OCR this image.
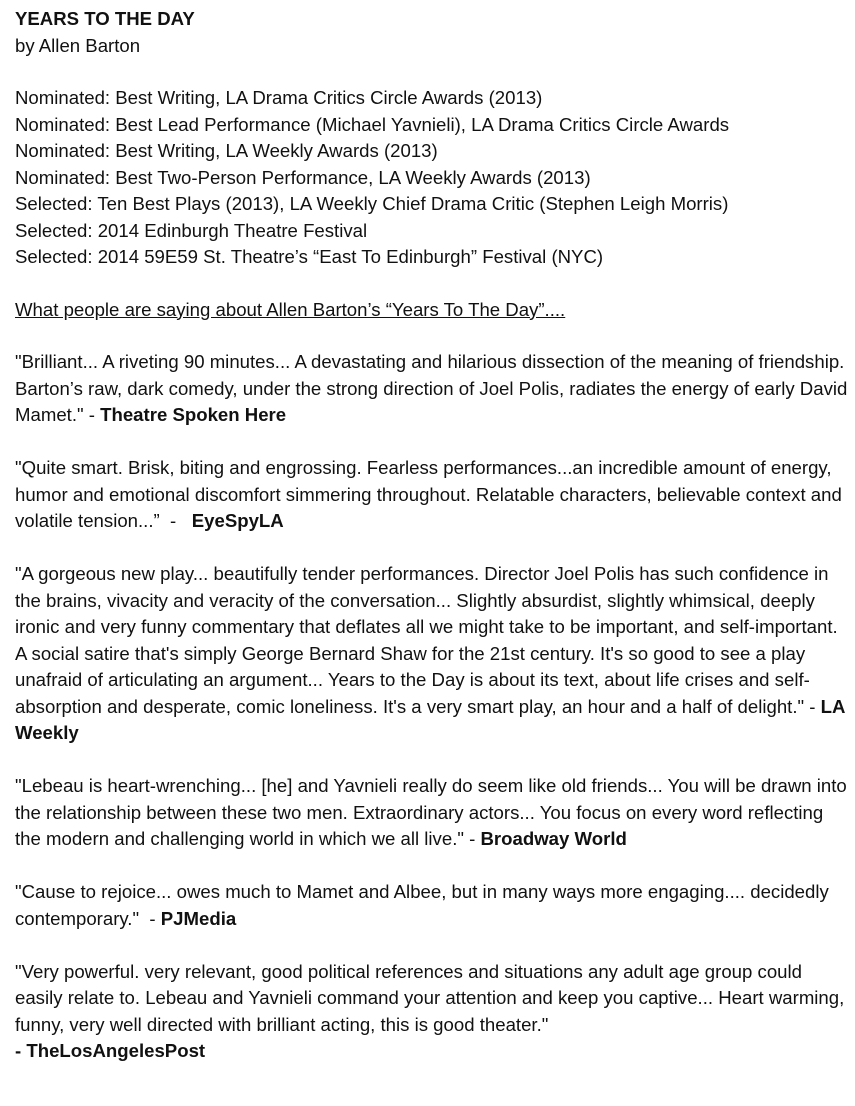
YEARS TO THE DAY

by Allen Barton

Nominated: Best Writing, LA Drama Critics Circle Awards (2013)
Nominated: Best Lead Performance (Michael Yavnieli), LA Drama Critics Circle Awards
Nominated: Best Writing, LA Weekly Awards (2013)
Nominated: Best Two-Person Performance, LA Weekly Awards (2013)
Selected: Ten Best Plays (2013), LA Weekly Chief Drama Critic (Stephen Leigh Morris)
Selected: 2014 Edinburgh Theatre Festival
Selected: 2014 59E59 St. Theatre’s “East To Edinburgh” Festival (NYC)

What people are saying about Allen Barton’s “Years To The Day”....

"Brilliant... A riveting 90 minutes... A devastating and hilarious dissection of the meaning of friendship. Barton’s raw, dark comedy, under the strong direction of Joel Polis, radiates the energy of early David Mamet." - Theatre Spoken Here

"Quite smart. Brisk, biting and engrossing. Fearless performances...an incredible amount of energy, humor and emotional discomfort simmering throughout. Relatable characters, believable context and volatile tension...”  -   EyeSpyLA

"A gorgeous new play... beautifully tender performances. Director Joel Polis has such confidence in the brains, vivacity and veracity of the conversation... Slightly absurdist, slightly whimsical, deeply ironic and very funny commentary that deflates all we might take to be important, and self-important. A social satire that's simply George Bernard Shaw for the 21st century. It's so good to see a play unafraid of articulating an argument... Years to the Day is about its text, about life crises and self-absorption and desperate, comic loneliness. It's a very smart play, an hour and a half of delight." - LA Weekly

"Lebeau is heart-wrenching... [he] and Yavnieli really do seem like old friends... You will be drawn into the relationship between these two men. Extraordinary actors... You focus on every word reflecting the modern and challenging world in which we all live." - Broadway World

"Cause to rejoice... owes much to Mamet and Albee, but in many ways more engaging.... decidedly contemporary."  - PJMedia

"Very powerful. very relevant, good political references and situations any adult age group could easily relate to. Lebeau and Yavnieli command your attention and keep you captive... Heart warming, funny, very well directed with brilliant acting, this is good theater."
- TheLosAngelesPost
